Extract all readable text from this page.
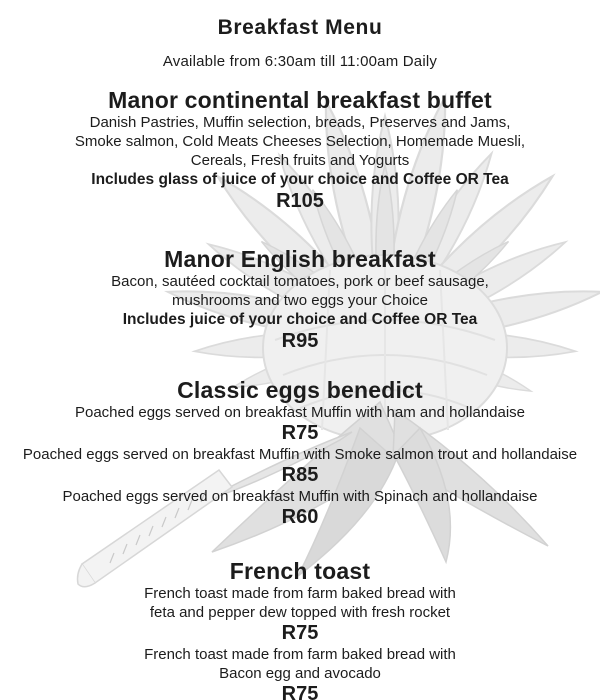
Breakfast Menu
Available from 6:30am till 11:00am Daily
Manor continental breakfast buffet
Danish Pastries, Muffin selection, breads, Preserves and Jams,
Smoke salmon, Cold Meats Cheeses Selection, Homemade Muesli,
Cereals, Fresh fruits and Yogurts
Includes glass of juice of your choice and Coffee OR Tea
R105
Manor English breakfast
Bacon, sautéed cocktail tomatoes, pork or beef sausage,
mushrooms and two eggs your Choice
Includes juice of your choice and Coffee OR Tea
R95
Classic eggs benedict
Poached eggs served on breakfast Muffin with ham and hollandaise
R75
Poached eggs served on breakfast Muffin with Smoke salmon trout and hollandaise
R85
Poached eggs served on breakfast Muffin with Spinach and hollandaise
R60
French toast
French toast made from farm baked bread with
feta and pepper dew topped with fresh rocket
R75
French toast made from farm baked bread with
Bacon egg and avocado
R75
